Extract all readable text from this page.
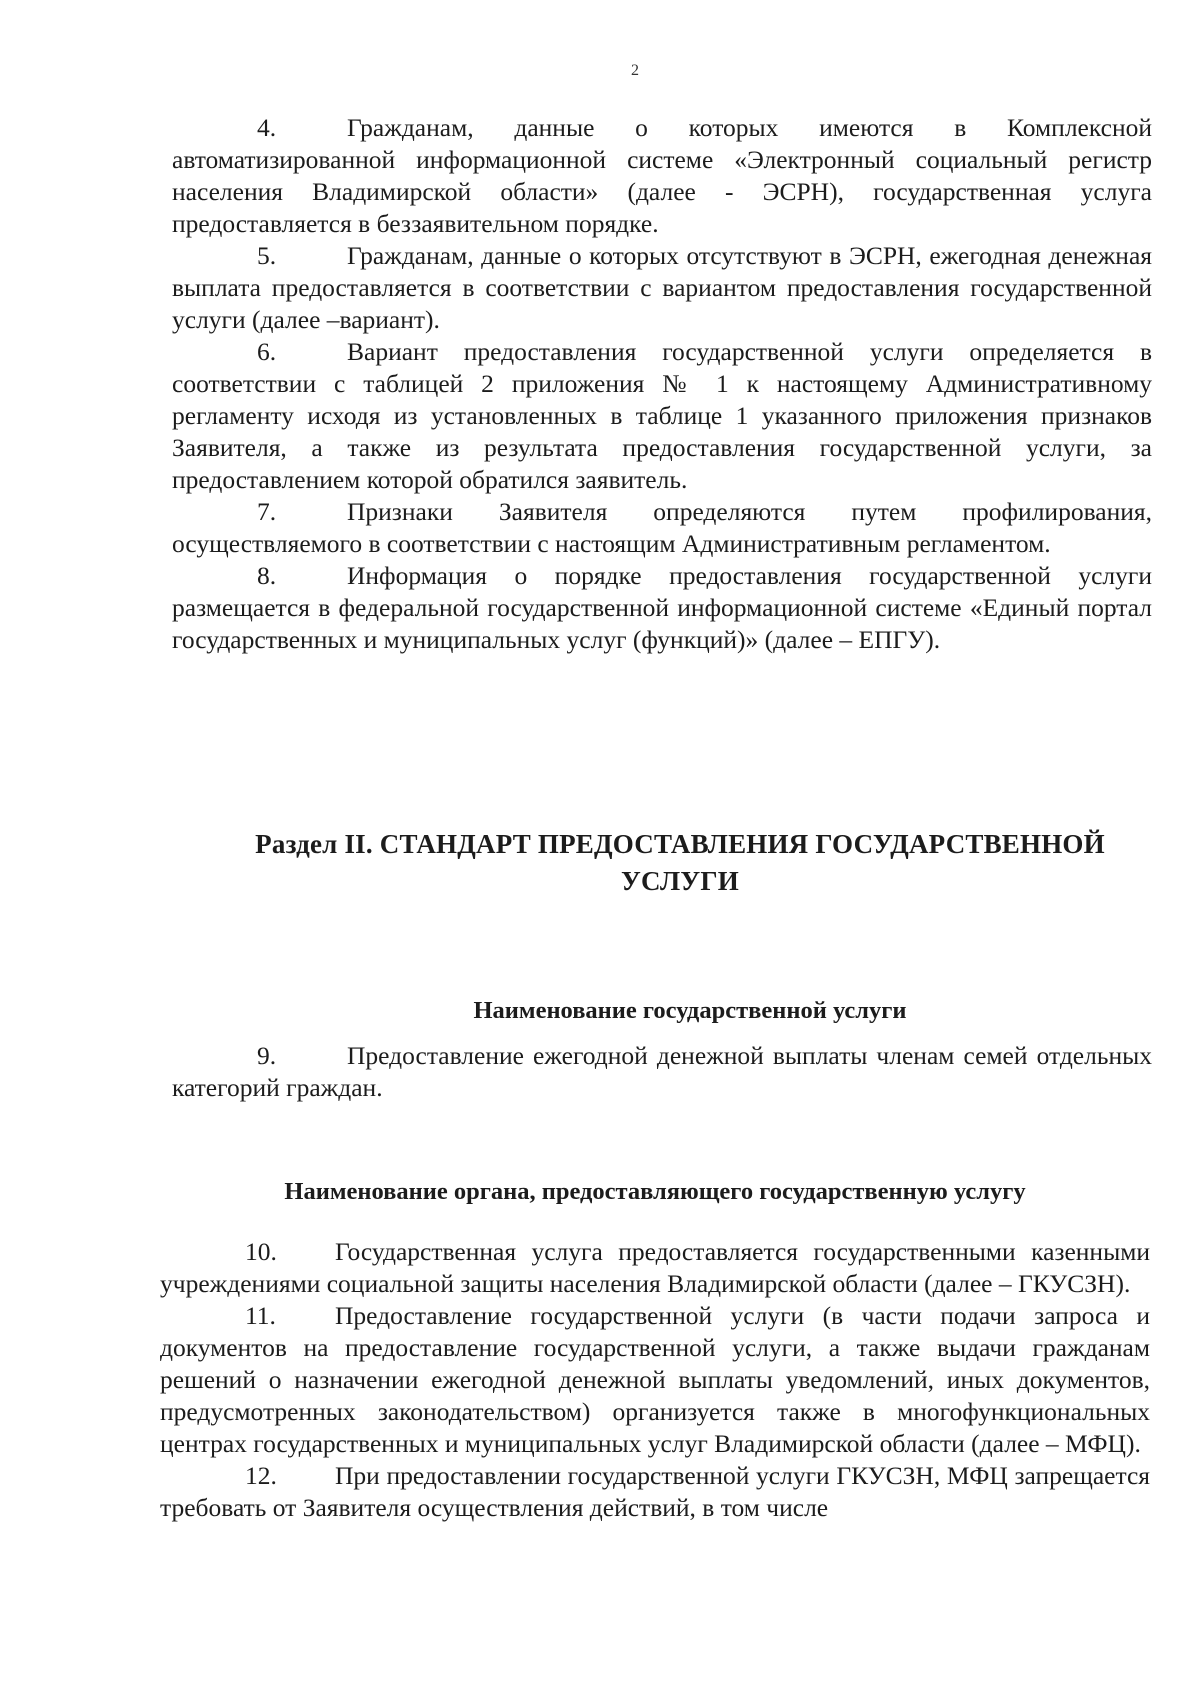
2

4.	Гражданам, данные о которых имеются в Комплексной автоматизированной информационной системе «Электронный социальный регистр населения Владимирской области» (далее - ЭСРН), государственная услуга предоставляется в беззаявительном порядке.

5.	Гражданам, данные о которых отсутствуют в ЭСРН, ежегодная денежная выплата предоставляется в соответствии с вариантом предоставления государственной услуги (далее –вариант).

6.	Вариант предоставления государственной услуги определяется в соответствии с таблицей 2 приложения № 1 к настоящему Административному регламенту исходя из установленных в таблице 1 указанного приложения признаков Заявителя, а также из результата предоставления государственной услуги, за предоставлением которой обратился заявитель.

7.	Признаки Заявителя определяются путем профилирования, осуществляемого в соответствии с настоящим Административным регламентом.

8.	Информация о порядке предоставления государственной услуги размещается в федеральной государственной информационной системе «Единый портал государственных и муниципальных услуг (функций)» (далее – ЕПГУ).

Раздел II. СТАНДАРТ ПРЕДОСТАВЛЕНИЯ ГОСУДАРСТВЕННОЙ
УСЛУГИ
Наименование государственной услуги

9.	Предоставление ежегодной денежной выплаты членам семей отдельных категорий граждан.

Наименование органа, предоставляющего государственную услугу

10. Государственная услуга предоставляется государственными казенными учреждениями социальной защиты населения Владимирской области (далее – ГКУСЗН).

11. Предоставление государственной услуги (в части подачи запроса и документов на предоставление государственной услуги, а также выдачи гражданам решений о назначении ежегодной денежной выплаты уведомлений, иных документов, предусмотренных законодательством) организуется также в многофункциональных центрах государственных и муниципальных услуг Владимирской области (далее – МФЦ).

12. При предоставлении государственной услуги ГКУСЗН, МФЦ запрещается требовать от Заявителя осуществления действий, в том числе
